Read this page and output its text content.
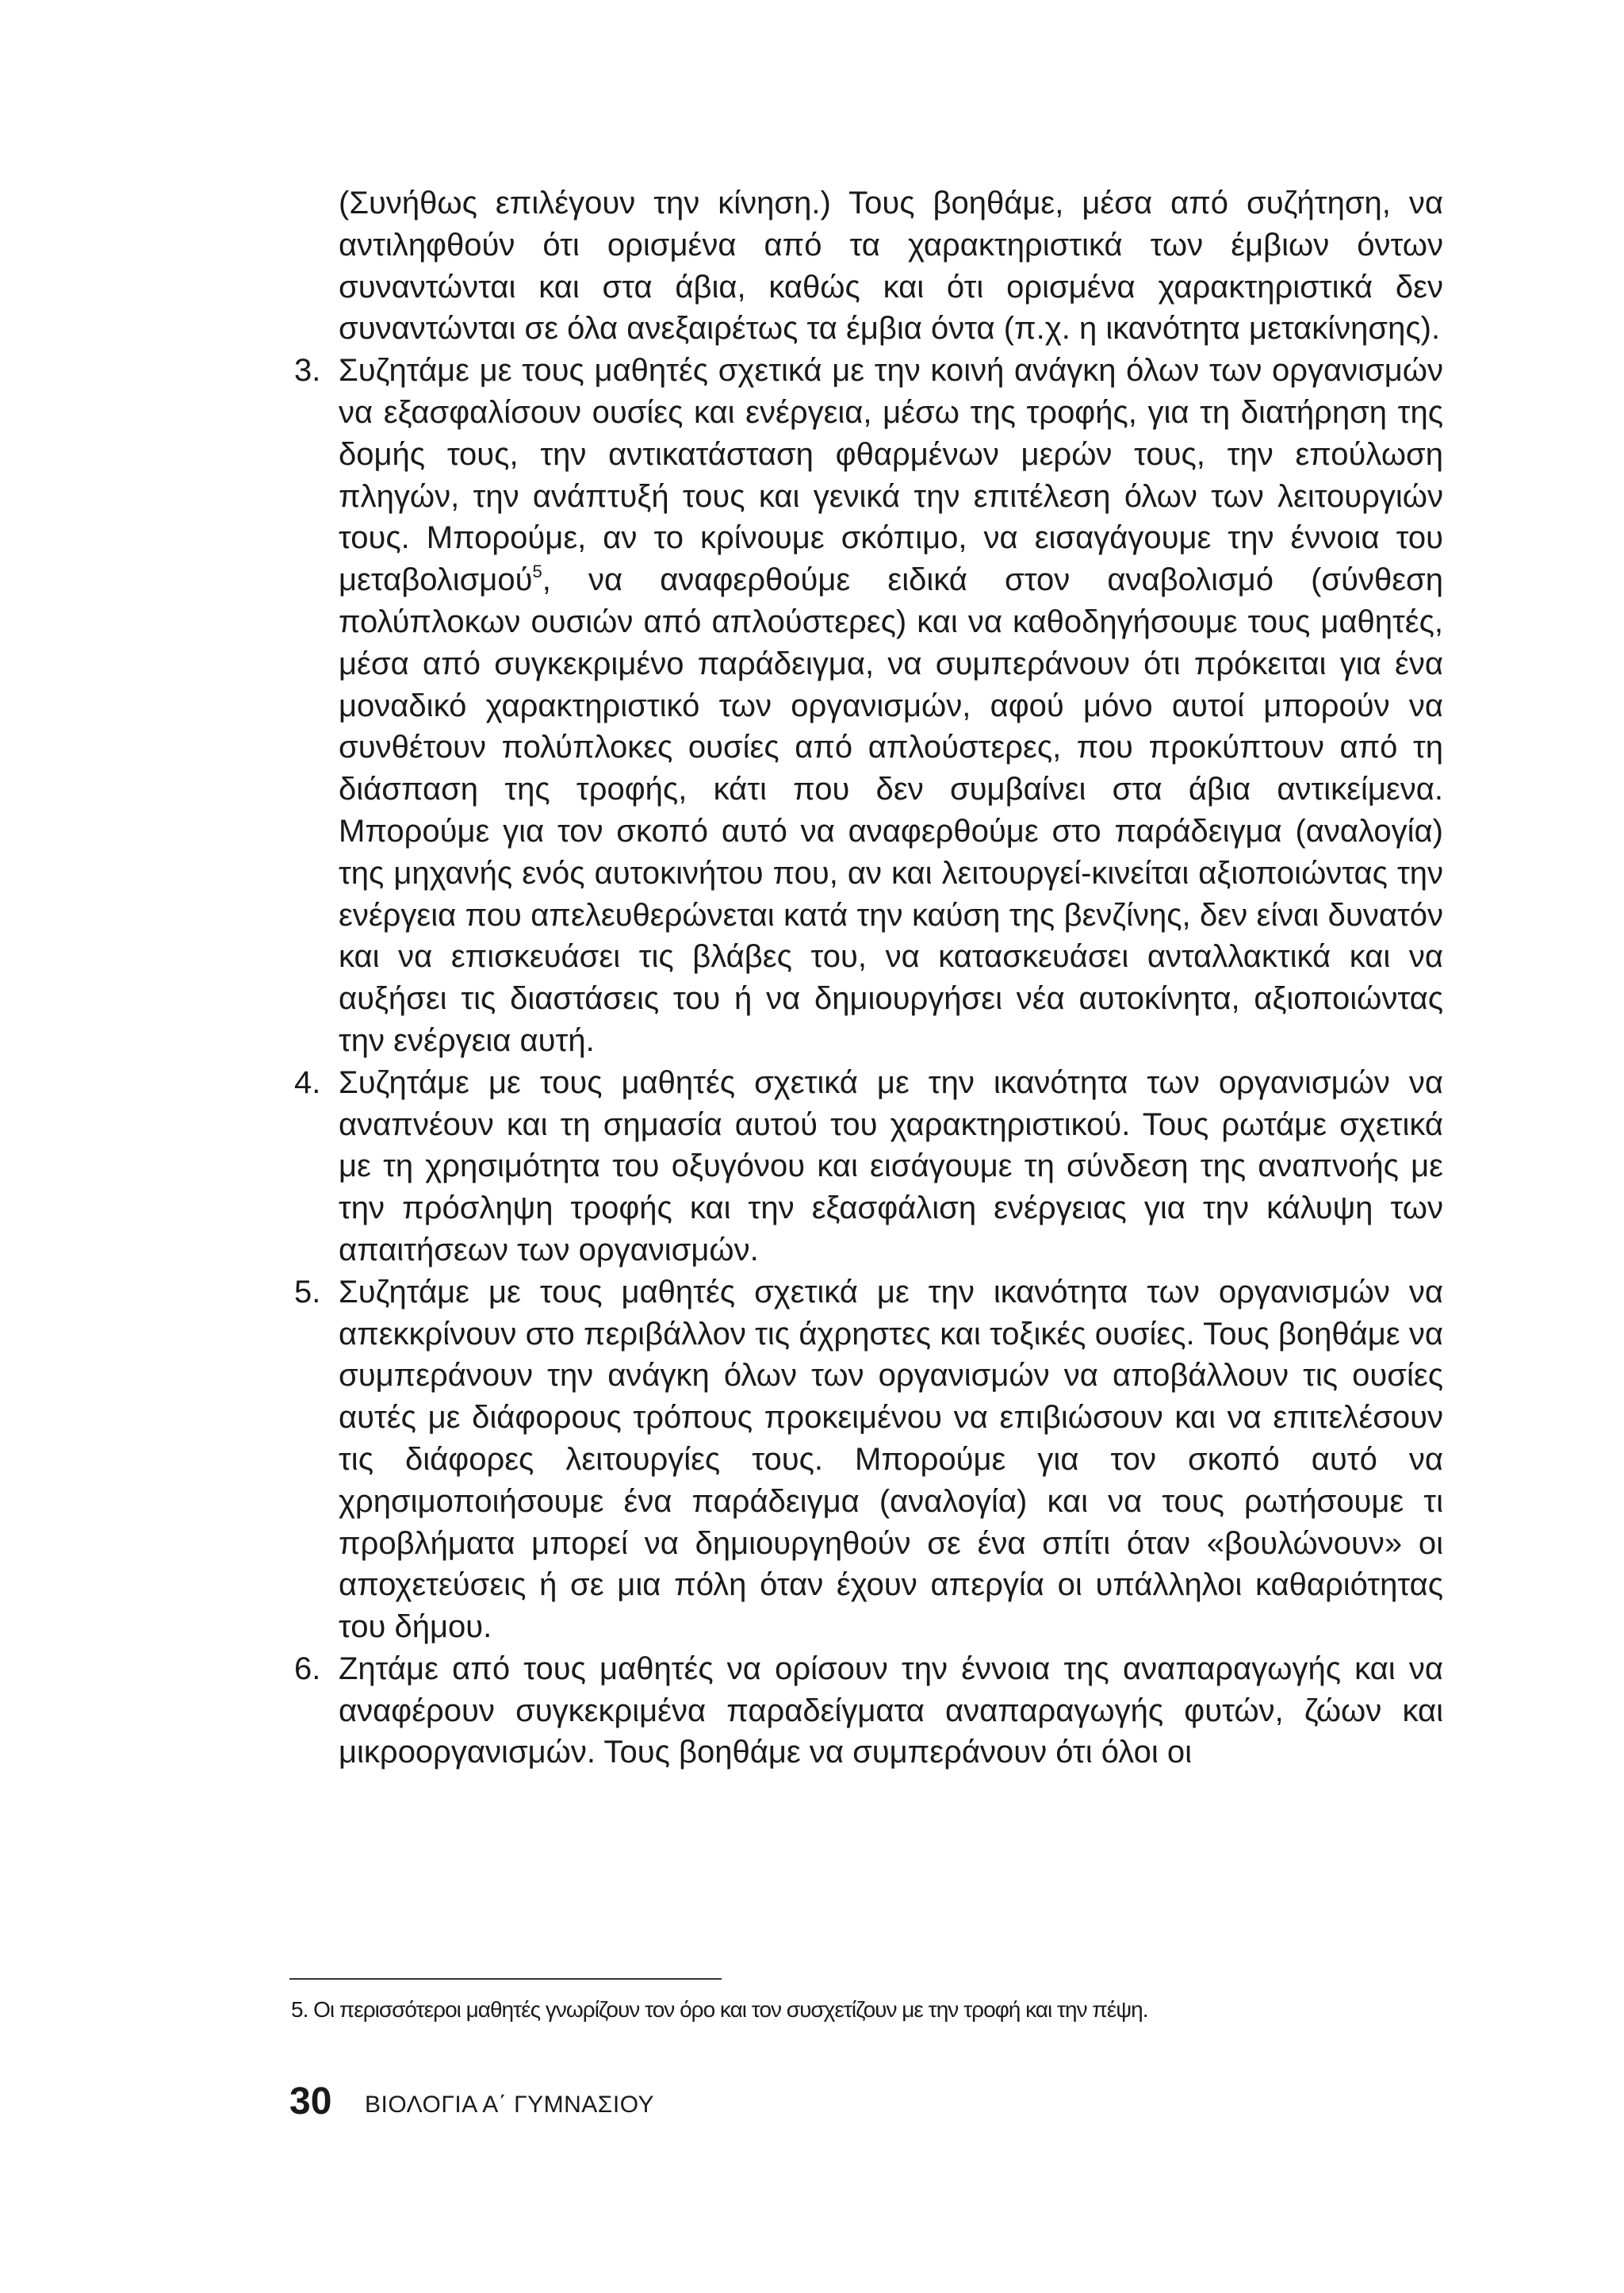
(Συνήθως επιλέγουν την κίνηση.) Τους βοηθάμε, μέσα από συζήτηση, να αντιληφθούν ότι ορισμένα από τα χαρακτηριστικά των έμβιων όντων συναντώνται και στα άβια, καθώς και ότι ορισμένα χαρακτηριστικά δεν συναντώνται σε όλα ανεξαιρέτως τα έμβια όντα (π.χ. η ικανότητα μετακίνησης).

3. Συζητάμε με τους μαθητές σχετικά με την κοινή ανάγκη όλων των οργανισμών να εξασφαλίσουν ουσίες και ενέργεια, μέσω της τροφής, για τη διατήρηση της δομής τους, την αντικατάσταση φθαρμένων μερών τους, την επούλωση πληγών, την ανάπτυξή τους και γενικά την επιτέλεση όλων των λειτουργιών τους. Μπορούμε, αν το κρίνουμε σκόπιμο, να εισαγάγουμε την έννοια του μεταβολισμού$^5$, να αναφερθούμε ειδικά στον αναβολισμό (σύνθεση πολύπλοκων ουσιών από απλούστερες) και να καθοδηγήσουμε τους μαθητές, μέσα από συγκεκριμένο παράδειγμα, να συμπεράνουν ότι πρόκειται για ένα μοναδικό χαρακτηριστικό των οργανισμών, αφού μόνο αυτοί μπορούν να συνθέτουν πολύπλοκες ουσίες από απλούστερες, που προκύπτουν από τη διάσπαση της τροφής, κάτι που δεν συμβαίνει στα άβια αντικείμενα. Μπορούμε για τον σκοπό αυτό να αναφερθούμε στο παράδειγμα (αναλογία) της μηχανής ενός αυτοκινήτου που, αν και λειτουργεί-κινείται αξιοποιώντας την ενέργεια που απελευθερώνεται κατά την καύση της βενζίνης, δεν είναι δυνατόν και να επισκευάσει τις βλάβες του, να κατασκευάσει ανταλλακτικά και να αυξήσει τις διαστάσεις του ή να δημιουργήσει νέα αυτοκίνητα, αξιοποιώντας την ενέργεια αυτή.
4. Συζητάμε με τους μαθητές σχετικά με την ικανότητα των οργανισμών να αναπνέουν και τη σημασία αυτού του χαρακτηριστικού. Τους ρωτάμε σχετικά με τη χρησιμότητα του οξυγόνου και εισάγουμε τη σύνδεση της αναπνοής με την πρόσληψη τροφής και την εξασφάλιση ενέργειας για την κάλυψη των απαιτήσεων των οργανισμών.
5. Συζητάμε με τους μαθητές σχετικά με την ικανότητα των οργανισμών να απεκκρίνουν στο περιβάλλον τις άχρηστες και τοξικές ουσίες. Τους βοηθάμε να συμπεράνουν την ανάγκη όλων των οργανισμών να αποβάλλουν τις ουσίες αυτές με διάφορους τρόπους προκειμένου να επιβιώσουν και να επιτελέσουν τις διάφορες λειτουργίες τους. Μπορούμε για τον σκοπό αυτό να χρησιμοποιήσουμε ένα παράδειγμα (αναλογία) και να τους ρωτήσουμε τι προβλήματα μπορεί να δημιουργηθούν σε ένα σπίτι όταν «βουλώνουν» οι αποχετεύσεις ή σε μια πόλη όταν έχουν απεργία οι υπάλληλοι καθαριότητας του δήμου.
6. Ζητάμε από τους μαθητές να ορίσουν την έννοια της αναπαραγωγής και να αναφέρουν συγκεκριμένα παραδείγματα αναπαραγωγής φυτών, ζώων και μικροοργανισμών. Τους βοηθάμε να συμπεράνουν ότι όλοι οι
5. Οι περισσότεροι μαθητές γνωρίζουν τον όρο και τον συσχετίζουν με την τροφή και την πέψη.
30 ΒΙΟΛΟΓΙΑ Α΄ ΓΥΜΝΑΣΙΟΥ
